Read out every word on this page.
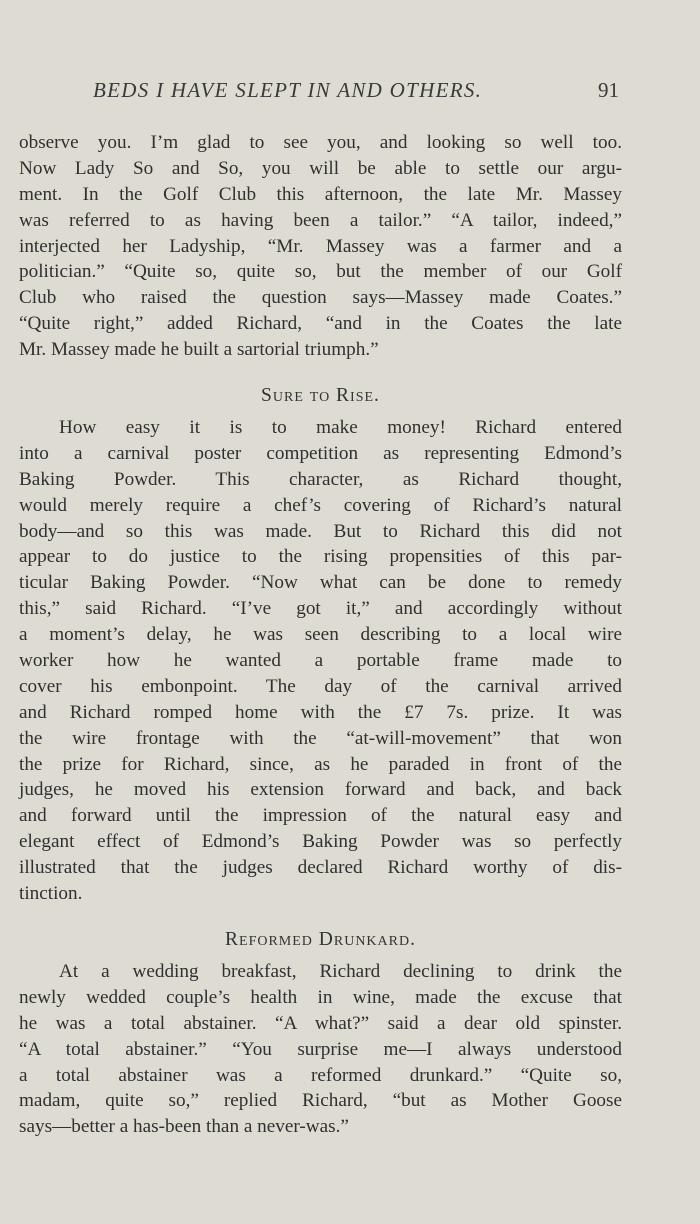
BEDS I HAVE SLEPT IN AND OTHERS.	91
observe you. I’m glad to see you, and looking so well too.
Now Lady So and So, you will be able to settle our argu-
ment. In the Golf Club this afternoon, the late Mr. Massey
was referred to as having been a tailor.” “A tailor, indeed,”
interjected her Ladyship, “Mr. Massey was a farmer and a
politician.” “Quite so, quite so, but the member of our Golf
Club who raised the question says—Massey made Coates.”
“Quite right,” added Richard, “and in the Coates the late
Mr. Massey made he built a sartorial triumph.”
Sure to Rise.
How easy it is to make money! Richard entered
into a carnival poster competition as representing Edmond’s
Baking Powder. This character, as Richard thought,
would merely require a chef’s covering of Richard’s natural
body—and so this was made. But to Richard this did not
appear to do justice to the rising propensities of this par-
ticular Baking Powder. “Now what can be done to remedy
this,” said Richard. “I’ve got it,” and accordingly without
a moment’s delay, he was seen describing to a local wire
worker how he wanted a portable frame made to
cover his embonpoint. The day of the carnival arrived
and Richard romped home with the £7 7s. prize. It was
the wire frontage with the “at-will-movement” that won
the prize for Richard, since, as he paraded in front of the
judges, he moved his extension forward and back, and back
and forward until the impression of the natural easy and
elegant effect of Edmond’s Baking Powder was so perfectly
illustrated that the judges declared Richard worthy of dis-
tinction.
Reformed Drunkard.
At a wedding breakfast, Richard declining to drink the
newly wedded couple’s health in wine, made the excuse that
he was a total abstainer. “A what?” said a dear old spinster.
“A total abstainer.” “You surprise me—I always understood
a total abstainer was a reformed drunkard.” “Quite so,
madam, quite so,” replied Richard, “but as Mother Goose
says—better a has-been than a never-was.”
